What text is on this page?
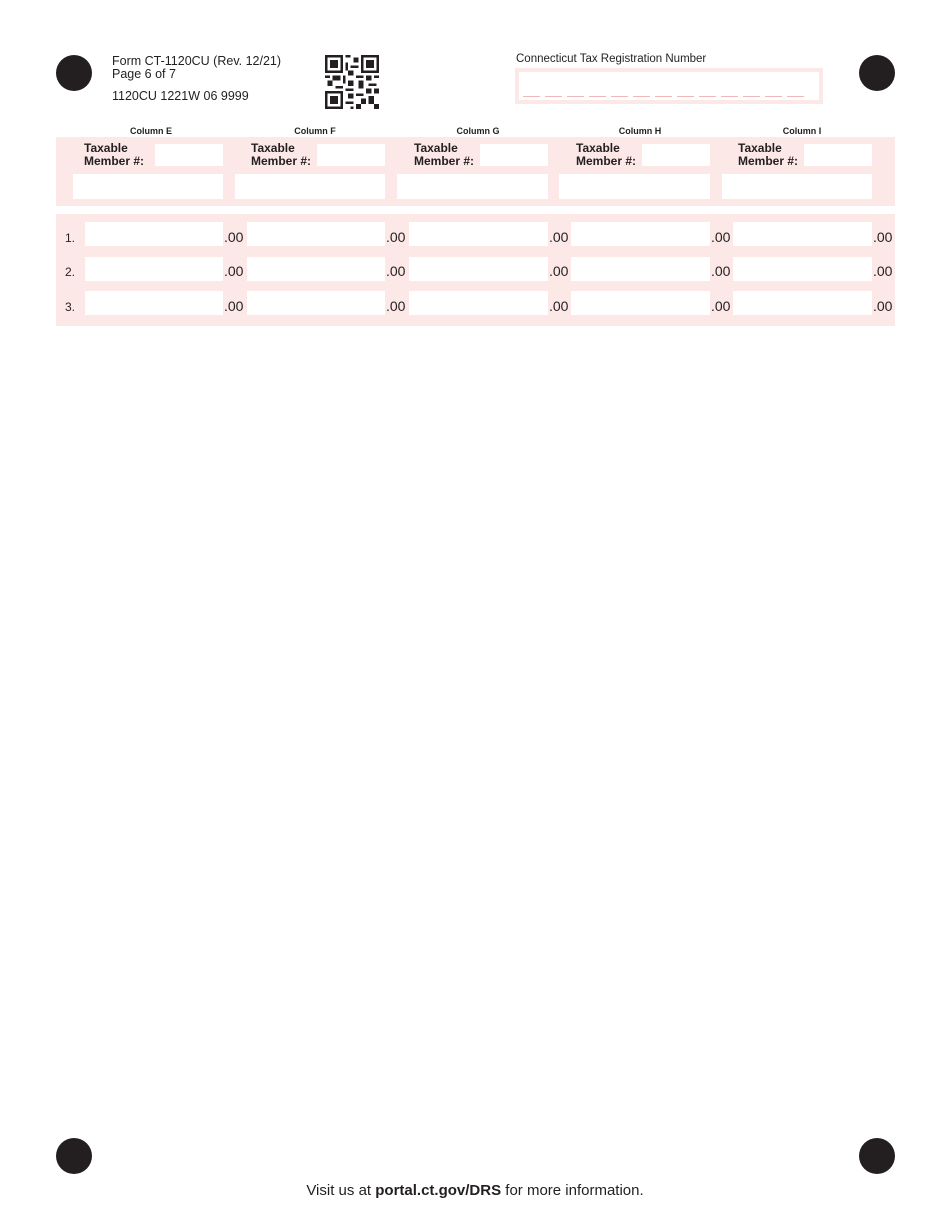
Form CT-1120CU (Rev. 12/21)
Page 6 of 7
1120CU 1221W 06 9999
Connecticut Tax Registration Number
Column E	Column F	Column G	Column H	Column I
Taxable
Member #:
Taxable
Member #:
Taxable
Member #:
Taxable
Member #:
Taxable
Member #:
1.	.00	.00	.00	.00	.00
2.	.00	.00	.00	.00	.00
3.	.00	.00	.00	.00	.00
Visit us at portal.ct.gov/DRS for more information.
